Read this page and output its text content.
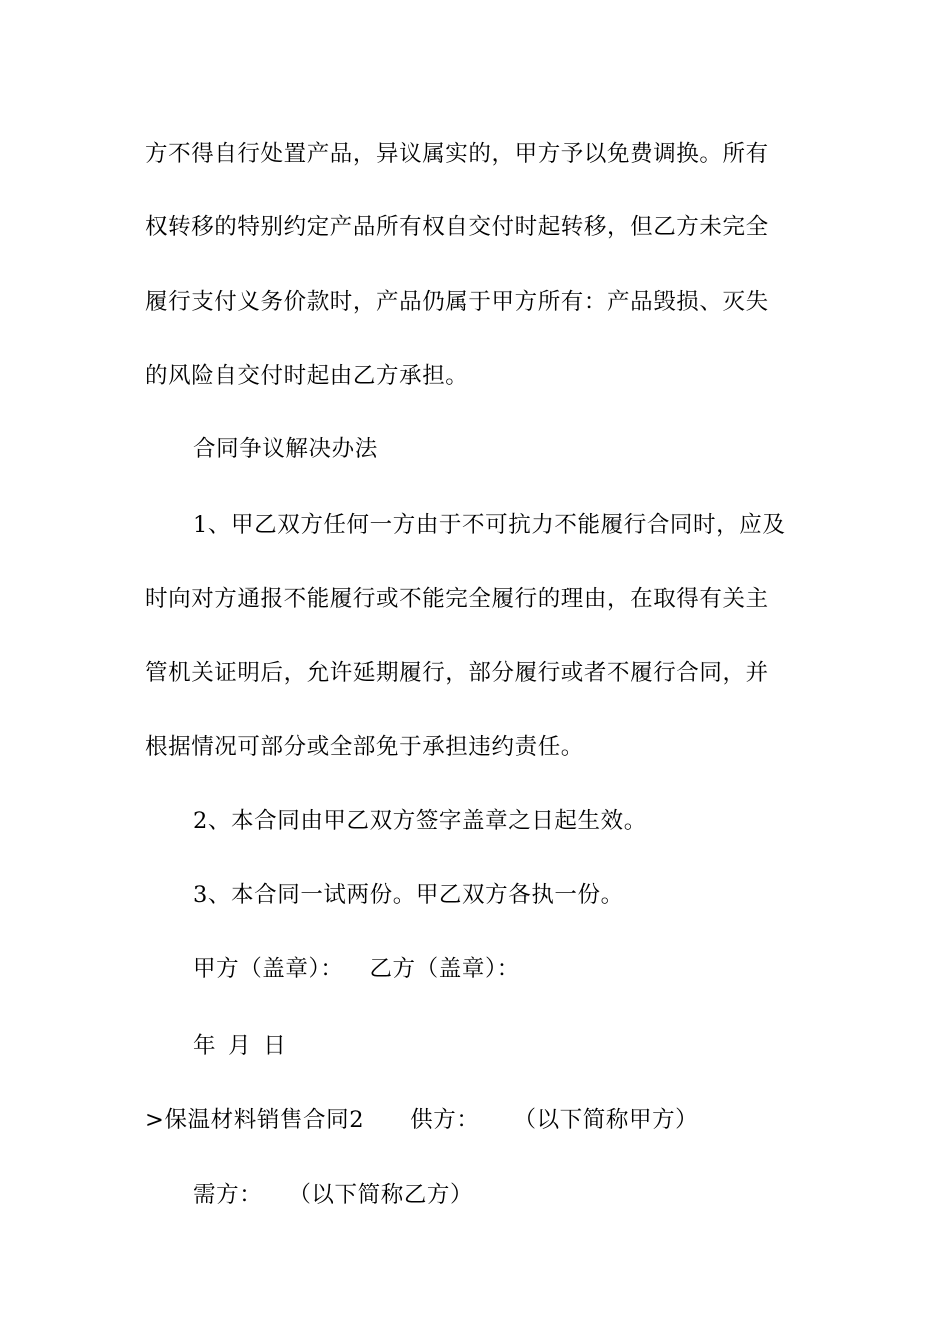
方不得自行处置产品，异议属实的，甲方予以免费调换。所有
权转移的特别约定产品所有权自交付时起转移，但乙方未完全
履行支付义务价款时，产品仍属于甲方所有：产品毁损、灭失
的风险自交付时起由乙方承担。
合同争议解决办法
1、甲乙双方任何一方由于不可抗力不能履行合同时，应及
时向对方通报不能履行或不能完全履行的理由，在取得有关主
管机关证明后，允许延期履行，部分履行或者不履行合同，并
根据情况可部分或全部免于承担违约责任。
2、本合同由甲乙双方签字盖章之日起生效。
3、本合同一试两份。甲乙双方各执一份。
甲方（盖章）： 乙方（盖章）：
年 月 日
>保温材料销售合同2 供方： （以下简称甲方）
需方： （以下简称乙方）
